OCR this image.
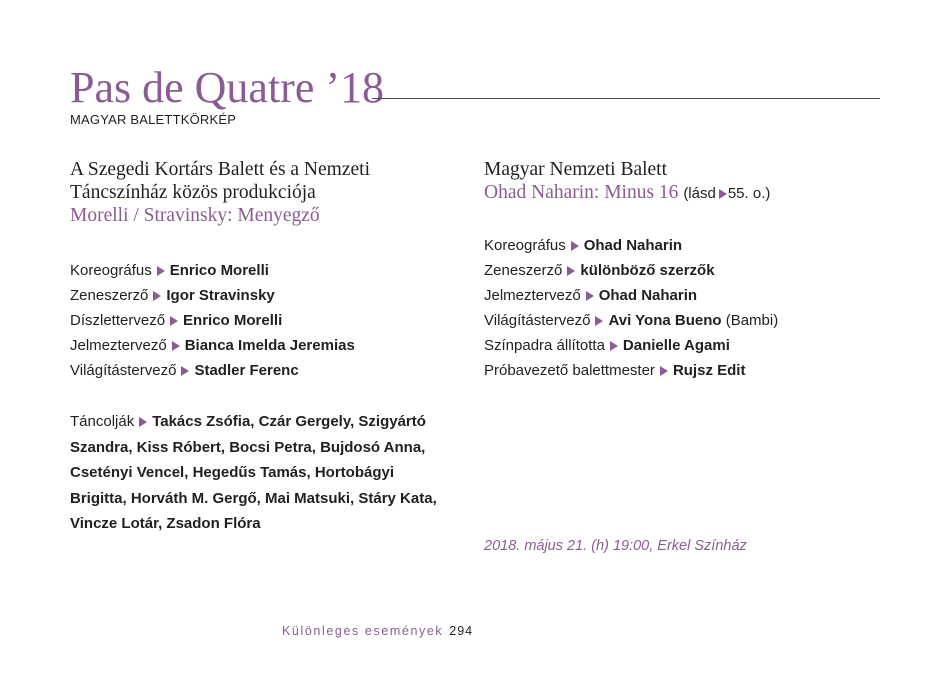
Pas de Quatre ’18
MAGYAR BALETTKÖRKÉP
A Szegedi Kortárs Balett és a Nemzeti
Táncszínház közös produkciója
Morelli / Stravinsky: Menyegző
Koreográfus Enrico Morelli
Zeneszerző Igor Stravinsky
Díszlettervező Enrico Morelli
Jelmeztervező Bianca Imelda Jeremias
Világítástervező Stadler Ferenc
Táncolják Takács Zsófia, Czár Gergely, Szigyártó Szandra, Kiss Róbert, Bocsi Petra, Bujdosó Anna, Csetényi Vencel, Hegedűs Tamás, Hortobágyi Brigitta, Horváth M. Gergő, Mai Matsuki, Stáry Kata, Vincze Lotár, Zsadon Flóra
Magyar Nemzeti Balett
Ohad Naharin: Minus 16 (lásd 55. o.)
Koreográfus Ohad Naharin
Zeneszerző különböző szerzők
Jelmeztervező Ohad Naharin
Világítástervező Avi Yona Bueno (Bambi)
Színpadra állította Danielle Agami
Próbavezető balettmester Rujsz Edit
2018. május 21. (h) 19:00, Erkel Színház
Különleges események 294
